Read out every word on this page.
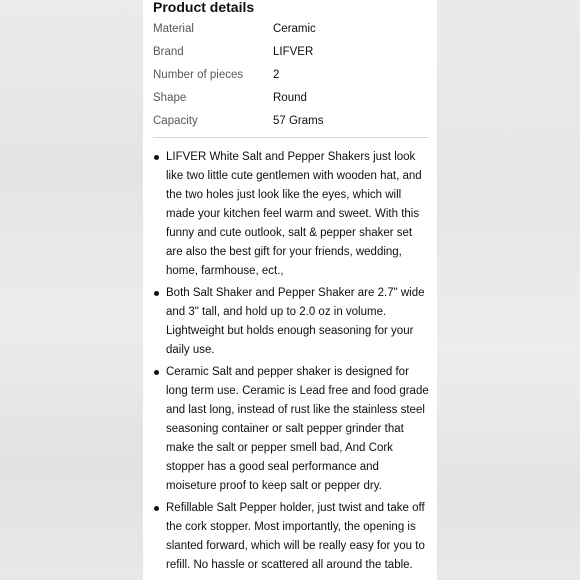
Product details
Material	Ceramic
Brand	LIFVER
Number of pieces	2
Shape	Round
Capacity	57 Grams
LIFVER White Salt and Pepper Shakers just look like two little cute gentlemen with wooden hat, and the two holes just look like the eyes, which will made your kitchen feel warm and sweet. With this funny and cute outlook, salt & pepper shaker set are also the best gift for your friends, wedding, home, farmhouse, ect.,
Both Salt Shaker and Pepper Shaker are 2.7" wide and 3" tall, and hold up to 2.0 oz in volume. Lightweight but holds enough seasoning for your daily use.
Ceramic Salt and pepper shaker is designed for long term use. Ceramic is Lead free and food grade and last long, instead of rust like the stainless steel seasoning container or salt pepper grinder that make the salt or pepper smell bad, And Cork stopper has a good seal performance and moiseture proof to keep salt or pepper dry.
Refillable Salt Pepper holder, just twist and take off the cork stopper. Most importantly, the opening is slanted forward, which will be really easy for you to refill. No hassle or scattered all around the table.
